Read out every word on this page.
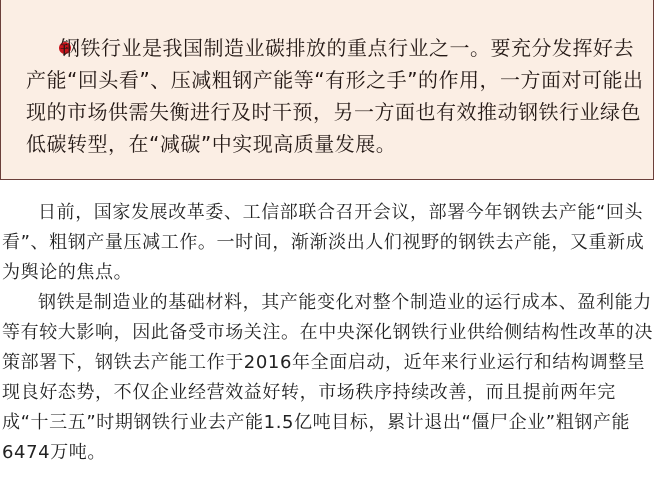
钢铁行业是我国制造业碳排放的重点行业之一。要充分发挥好去产能“回头看”、压减粗钢产能等“有形之手”的作用，一方面对可能出现的市场供需失衡进行及时干预，另一方面也有效推动钢铁行业绿色低碳转型，在“减碳”中实现高质量发展。

日前，国家发展改革委、工信部联合召开会议，部署今年钢铁去产能“回头看”、粗钢产量压减工作。一时间，渐渐淡出人们视野的钢铁去产能，又重新成为舆论的焦点。

钢铁是制造业的基础材料，其产能变化对整个制造业的运行成本、盈利能力等有较大影响，因此备受市场关注。在中央深化钢铁行业供给侧结构性改革的决策部署下，钢铁去产能工作于2016年全面启动，近年来行业运行和结构调整呈现良好态势，不仅企业经营效益好转，市场秩序持续改善，而且提前两年完成“十三五”时期钢铁行业去产能1.5亿吨目标，累计退出“僵尸企业”粗钢产能6474万吨。
